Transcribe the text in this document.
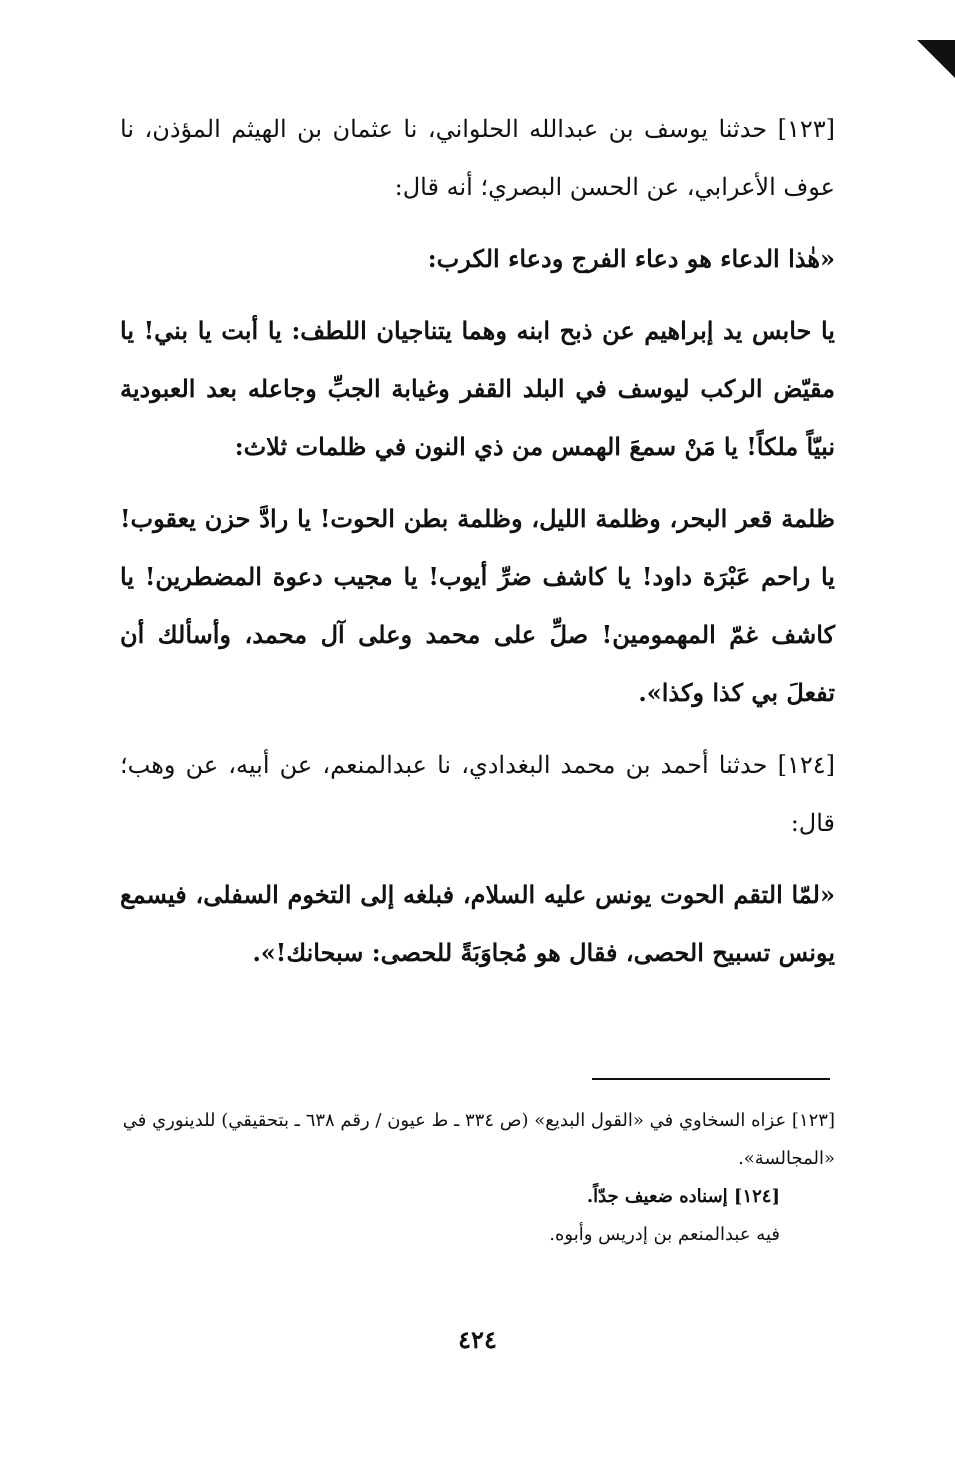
[١٢٣] حدثنا يوسف بن عبدالله الحلواني، نا عثمان بن الهيثم المؤذن، نا عوف الأعرابي، عن الحسن البصري؛ أنه قال:

«هٰذا الدعاء هو دعاء الفرج ودعاء الكرب:

يا حابس يد إبراهيم عن ذبح ابنه وهما يتناجيان اللطف: يا أبت يا بني! يا مقيّض الركب ليوسف في البلد القفر وغيابة الجبِّ وجاعله بعد العبودية نبيّاً ملكاً! يا مَنْ سمعَ الهمس من ذي النون في ظلمات ثلاث:

ظلمة قعر البحر، وظلمة الليل، وظلمة بطن الحوت! يا رادَّ حزن يعقوب! يا راحم عَبْرَة داود! يا كاشف ضرِّ أيوب! يا مجيب دعوة المضطرين! يا كاشف غمّ المهمومين! صلِّ على محمد وعلى آل محمد، وأسألك أن تفعلَ بي كذا وكذا».

[١٢٤] حدثنا أحمد بن محمد البغدادي، نا عبدالمنعم، عن أبيه، عن وهب؛ قال:

«لمّا التقم الحوت يونس عليه السلام، فبلغه إلى التخوم السفلى، فيسمع يونس تسبيح الحصى، فقال هو مُجاوَبَةً للحصى: سبحانك!».

[١٢٣] عزاه السخاوي في «القول البديع» (ص ٣٣٤ ـ ط عيون / رقم ٦٣٨ ـ بتحقيقي) للدينوري في «المجالسة».

[١٢٤] إسناده ضعيف جدّاً.

فيه عبدالمنعم بن إدريس وأبوه.

٤٢٤
